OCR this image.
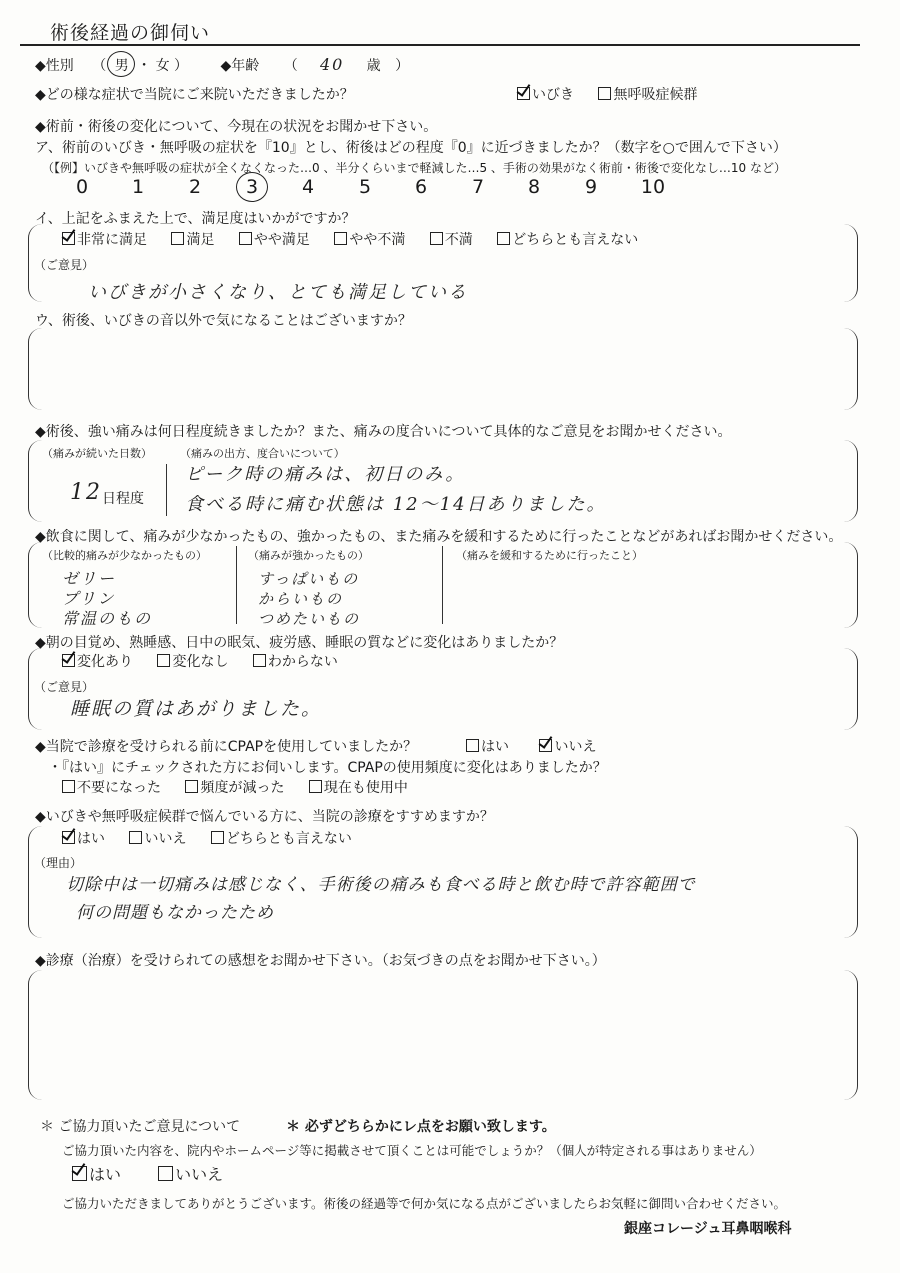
術後経過の御伺い
◆性別 （ 男 ・ 女 ） ◆年齢 （ 40 歳 ）
◆どの様な症状で当院にご来院いただきましたか？	いびき	無呼吸症候群
◆術前・術後の変化について、今現在の状況をお聞かせ下さい。
ア、術前のいびき・無呼吸の症状を『10』とし、術後はどの程度『0』に近づきましたか？（数字を○で囲んで下さい）
（【例】いびきや無呼吸の症状が全くなくなった…0 、半分くらいまで軽減した…5 、手術の効果がなく術前・術後で変化なし…10 など）
0	1	2	3	4	5	6	7	8	9	10
イ、上記をふまえた上で、満足度はいかがですか？
非常に満足	満足	やや満足	やや不満	不満	どちらとも言えない
（ご意見）
いびきが小さくなり、とても満足している
ウ、術後、いびきの音以外で気になることはございますか？
◆術後、強い痛みは何日程度続きましたか？また、痛みの度合いについて具体的なご意見をお聞かせください。
（痛みが続いた日数）
12 日程度
（痛みの出方、度合いについて）
ピーク時の痛みは、初日のみ。
食べる時に痛む状態は 12～14日ありました。
◆飲食に関して、痛みが少なかったもの、強かったもの、また痛みを緩和するために行ったことなどがあればお聞かせください。
（比較的痛みが少なかったもの）
ゼリー
プリン
常温のもの
（痛みが強かったもの）
すっぱいもの
からいもの
つめたいもの
（痛みを緩和するために行ったこと）
◆朝の目覚め、熟睡感、日中の眠気、疲労感、睡眠の質などに変化はありましたか？
変化あり	変化なし	わからない
（ご意見）
睡眠の質はあがりました。
◆当院で診療を受けられる前にCPAPを使用していましたか？	はい	いいえ
・『はい』にチェックされた方にお伺いします。CPAPの使用頻度に変化はありましたか？
不要になった	頻度が減った	現在も使用中
◆いびきや無呼吸症候群で悩んでいる方に、当院の診療をすすめますか？
はい	いいえ	どちらとも言えない
（理由）
切除中は一切痛みは感じなく、手術後の痛みも食べる時と飲む時で許容範囲で
何の問題もなかったため
◆診療（治療）を受けられての感想をお聞かせ下さい。（お気づきの点をお聞かせ下さい。）
＊ ご協力頂いたご意見について	＊ 必ずどちらかにレ点をお願い致します。
ご協力頂いた内容を、院内やホームページ等に掲載させて頂くことは可能でしょうか？（個人が特定される事はありません）
はい	いいえ
ご協力いただきましてありがとうございます。術後の経過等で何か気になる点がございましたらお気軽に御問い合わせください。
銀座コレージュ耳鼻咽喉科
